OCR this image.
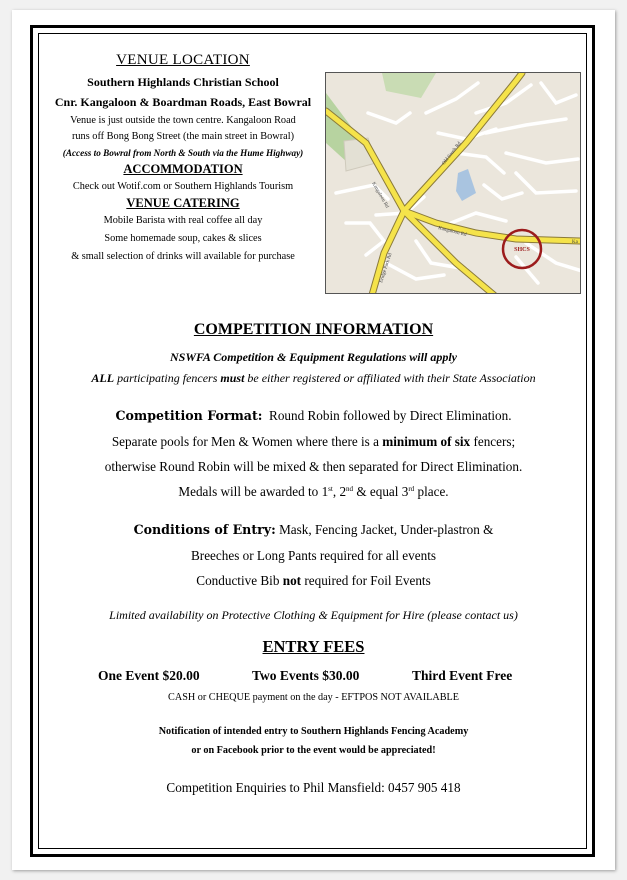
VENUE LOCATION
Southern Highlands Christian School
Cnr. Kangaloon & Boardman Roads, East Bowral
Venue is just outside the town centre. Kangaloon Road
runs off Bong Bong Street (the main street in Bowral)
(Access to Bowral from North & South via the Hume Highway)
ACCOMMODATION
Check out Wotif.com or Southern Highlands Tourism
VENUE CATERING
Mobile Barista with real coffee all day
Some homemade soup, cakes & slices
& small selection of drinks will available for purchase
Kangaloon Rd
Old South Rd
Eridge Park Rd
Kangaloon Rd
Ka
SHCS
COMPETITION INFORMATION
NSWFA Competition & Equipment Regulations will apply
ALL participating fencers must be either registered or affiliated with their State Association
Competition Format:  Round Robin followed by Direct Elimination.
Separate pools for Men & Women where there is a minimum of six fencers;
otherwise Round Robin will be mixed & then separated for Direct Elimination.
Medals will be awarded to 1st, 2nd & equal 3rd place.
Conditions of Entry: Mask, Fencing Jacket, Under-plastron &
Breeches or Long Pants required for all events
Conductive Bib not required for Foil Events
Limited availability on Protective Clothing & Equipment for Hire (please contact us)
ENTRY FEES
One Event $20.00	Two Events $30.00	Third Event Free
CASH or CHEQUE payment on the day - EFTPOS NOT AVAILABLE
Notification of intended entry to Southern Highlands Fencing Academy
or on Facebook prior to the event would be appreciated!
Competition Enquiries to Phil Mansfield: 0457 905 418
